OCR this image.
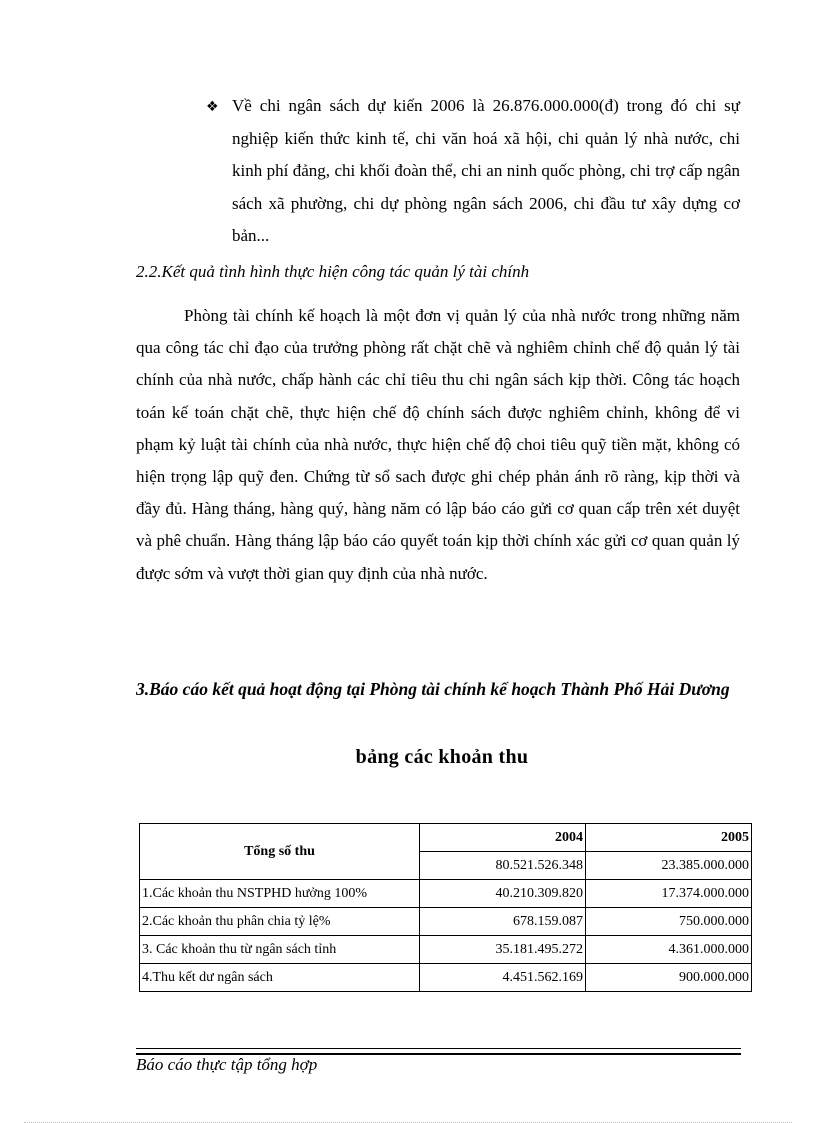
❖ Về chi ngân sách dự kiến 2006 là 26.876.000.000(đ) trong đó chi sự nghiệp kiến thức kinh tế, chi văn hoá xã hội, chi quản lý nhà nước, chi kinh phí đảng, chi khối đoàn thể, chi an ninh quốc phòng, chi trợ cấp ngân sách xã phường, chi dự phòng ngân sách 2006, chi đầu tư xây dựng cơ bản...
2.2.Kết quả tình hình thực hiện công tác quản lý tài chính

Phòng tài chính kế hoạch là một đơn vị quản lý của nhà nước trong những năm qua công tác chỉ đạo của trưởng phòng rất chặt chẽ và nghiêm chỉnh chế độ quản lý tài chính của nhà nước, chấp hành các chỉ tiêu thu chi ngân sách kịp thời. Công tác hoạch toán kế toán chặt chẽ, thực hiện chế độ chính sách được nghiêm chỉnh, không để vi phạm kỷ luật tài chính của nhà nước, thực hiện chế độ choi tiêu quỹ tiền mặt, không có hiện trọng lập quỹ đen. Chứng từ sổ sach được ghi chép phản ánh rõ ràng, kịp thời và đầy đủ. Hàng tháng, hàng quý, hàng năm có lập báo cáo gửi cơ quan cấp trên xét duyệt và phê chuẩn. Hàng tháng lập báo cáo quyết toán kịp thời chính xác gửi cơ quan quản lý được sớm và vượt thời gian quy định của nhà nước.

3.Báo cáo kết quả hoạt động tại Phòng tài chính kế hoạch Thành Phố Hải Dương

bảng các khoản thu
Tổng số thu	2004	2005
	80.521.526.348	23.385.000.000
1.Các khoản thu NSTPHD hưởng 100%	40.210.309.820	17.374.000.000
2.Các khoản thu phân chia tỷ lệ%	678.159.087	750.000.000
3. Các khoản thu từ ngân sách tỉnh	35.181.495.272	4.361.000.000
4.Thu kết dư ngân sách	4.451.562.169	900.000.000
Báo cáo thực tập tổng hợp
